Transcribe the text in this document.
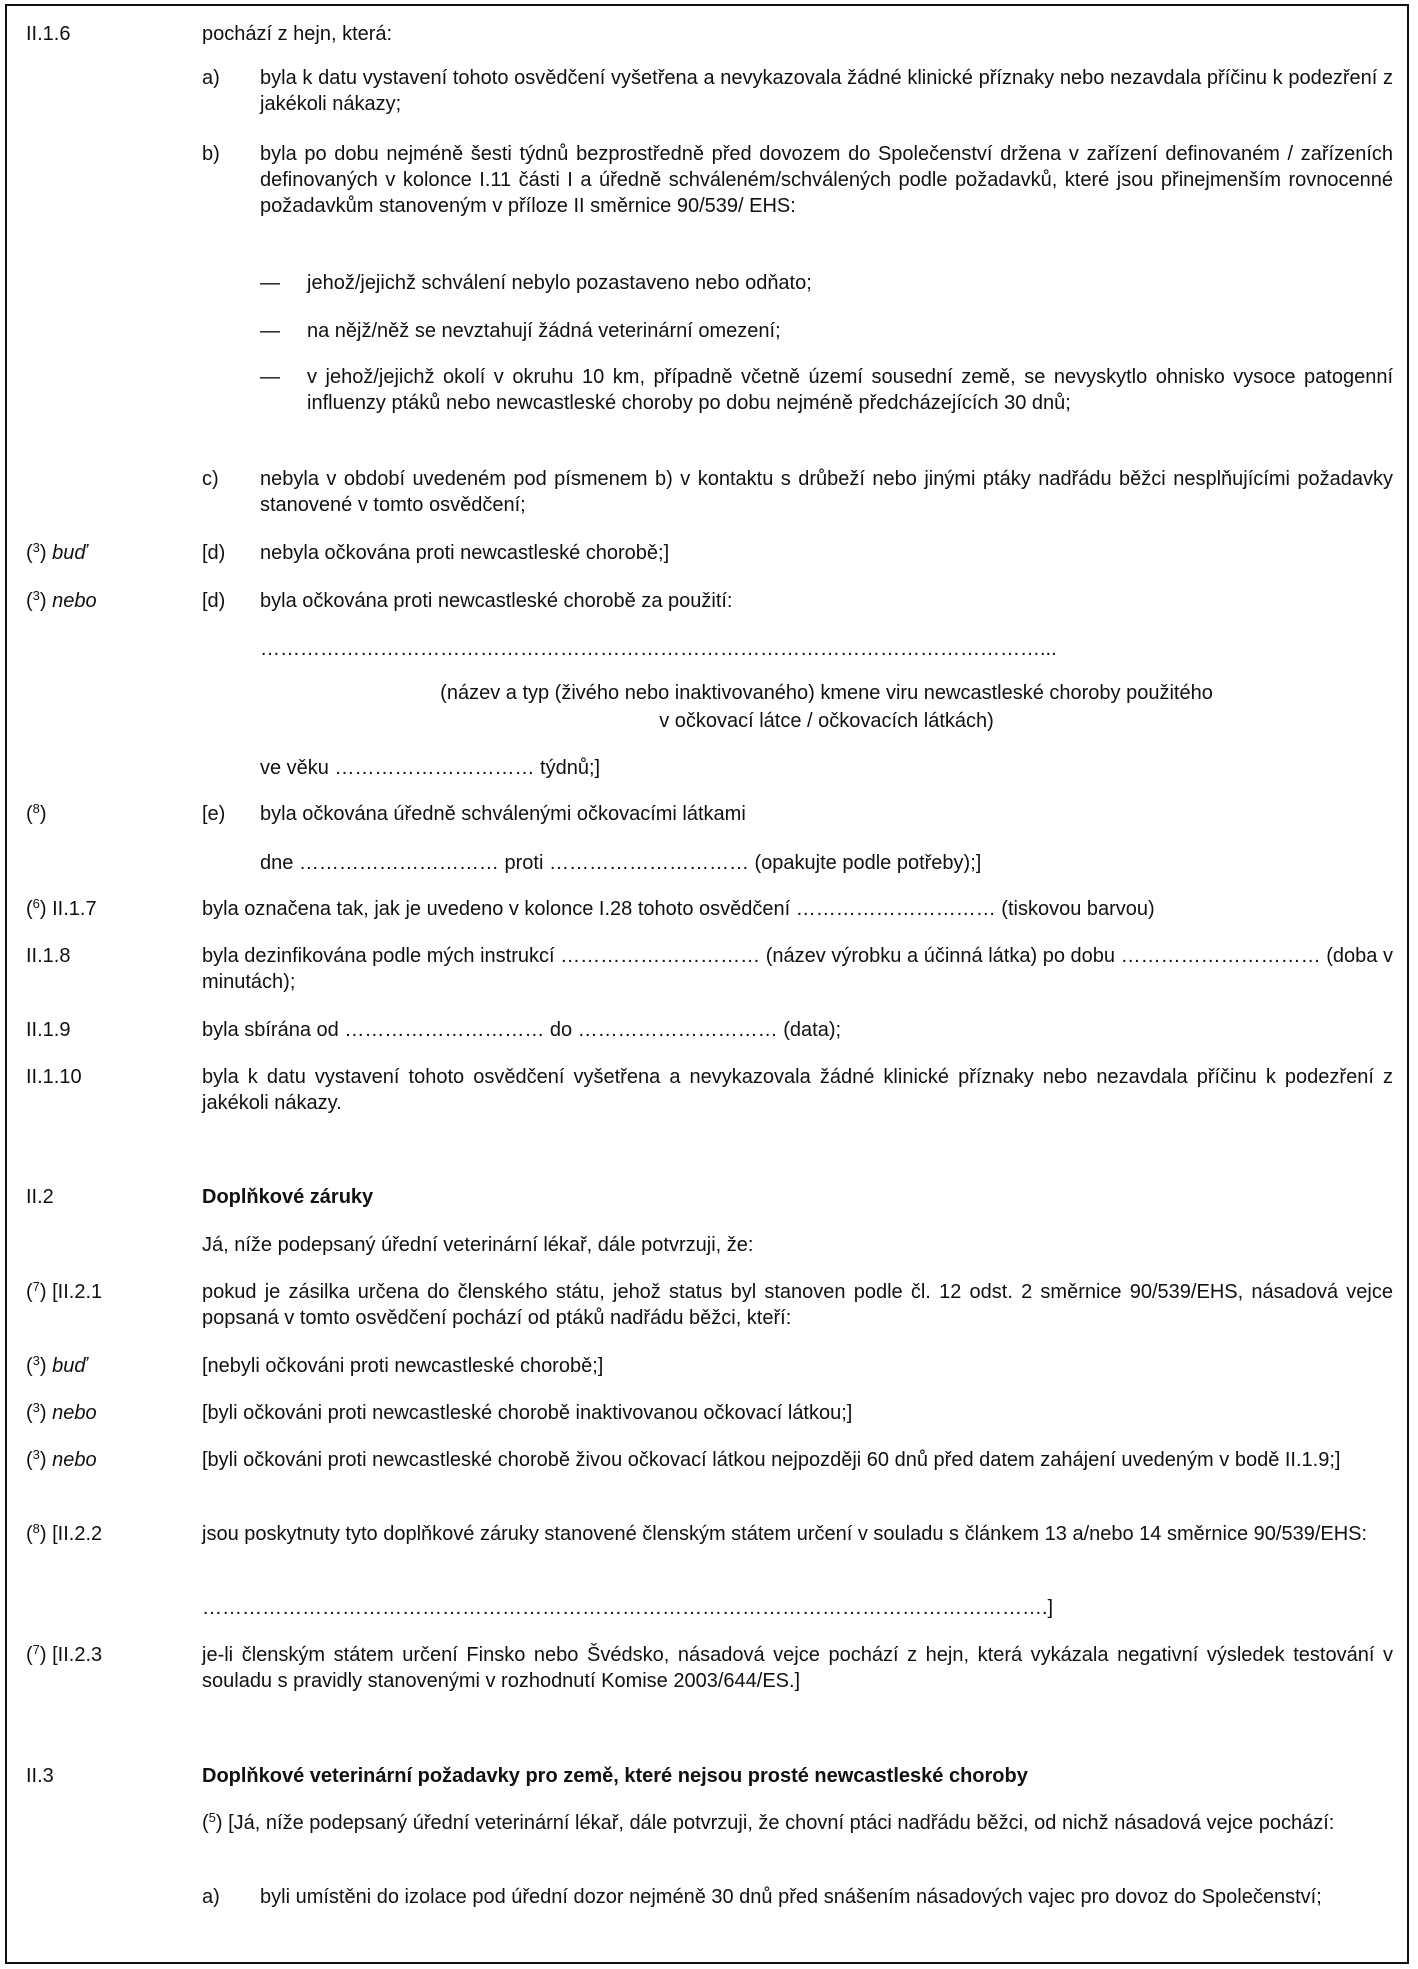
II.1.6	pochází z hejn, která:
a) byla k datu vystavení tohoto osvědčení vyšetřena a nevykazovala žádné klinické příznaky nebo nezavdala příčinu k podezření z jakékoli nákazy;
b) byla po dobu nejméně šesti týdnů bezprostředně před dovozem do Společenství držena v zařízení definovaném / zařízeních definovaných v kolonce I.11 části I a úředně schváleném/schválených podle požadavků, které jsou přinejmenším rovnocenné požadavkům stanoveným v příloze II směrnice 90/539/ EHS:
— jehož/jejichž schválení nebylo pozastaveno nebo odňato;
— na nějž/něž se nevztahují žádná veterinární omezení;
— v jehož/jejichž okolí v okruhu 10 km, případně včetně území sousední země, se nevyskytlo ohnisko vysoce patogenní influenzy ptáků nebo newcastleské choroby po dobu nejméně předcházejících 30 dnů;
c) nebyla v období uvedeném pod písmenem b) v kontaktu s drůbeží nebo jinými ptáky nadřádu běžci nesplňujícími požadavky stanovené v tomto osvědčení;
($^3$) buď	[d) nebyla očkována proti newcastleské chorobě;]
($^3$) nebo	[d) byla očkována proti newcastleské chorobě za použití:
………………………………………………………………………………………………………...
(název a typ (živého nebo inaktivovaného) kmene viru newcastleské choroby použitého
v očkovací látce / očkovacích látkách)
ve věku ………………………… týdnů;]
($^8$)	[e) byla očkována úředně schválenými očkovacími látkami
dne ………………………… proti ………………………… (opakujte podle potřeby);]
($^6$) II.1.7	byla označena tak, jak je uvedeno v kolonce I.28 tohoto osvědčení ………………………… (tiskovou barvou)
II.1.8	byla dezinfikována podle mých instrukcí ………………………… (název výrobku a účinná látka) po dobu ………………………… (doba v minutách);
II.1.9	byla sbírána od ………………………… do ………………………… (data);
II.1.10	byla k datu vystavení tohoto osvědčení vyšetřena a nevykazovala žádné klinické příznaky nebo nezavdala příčinu k podezření z jakékoli nákazy.
II.2	Doplňkové záruky
Já, níže podepsaný úřední veterinární lékař, dále potvrzuji, že:
($^7$) [II.2.1	pokud je zásilka určena do členského státu, jehož status byl stanoven podle čl. 12 odst. 2 směrnice 90/539/EHS, násadová vejce popsaná v tomto osvědčení pochází od ptáků nadřádu běžci, kteří:
($^3$) buď	[nebyli očkováni proti newcastleské chorobě;]
($^3$) nebo	[byli očkováni proti newcastleské chorobě inaktivovanou očkovací látkou;]
($^3$) nebo	[byli očkováni proti newcastleské chorobě živou očkovací látkou nejpozději 60 dnů před datem zahájení uvedeným v bodě II.1.9;]
($^8$) [II.2.2	jsou poskytnuty tyto doplňkové záruky stanovené členským státem určení v souladu s článkem 13 a/nebo 14 směrnice 90/539/EHS:
……………………………………………………………………………………………………………….]
($^7$) [II.2.3	je-li členským státem určení Finsko nebo Švédsko, násadová vejce pochází z hejn, která vykázala negativní výsledek testování v souladu s pravidly stanovenými v rozhodnutí Komise 2003/644/ES.]
II.3	Doplňkové veterinární požadavky pro země, které nejsou prosté newcastleské choroby
($^5$) [Já, níže podepsaný úřední veterinární lékař, dále potvrzuji, že chovní ptáci nadřádu běžci, od nichž násadová vejce pochází:
a) byli umístěni do izolace pod úřední dozor nejméně 30 dnů před snášením násadových vajec pro dovoz do Společenství;
